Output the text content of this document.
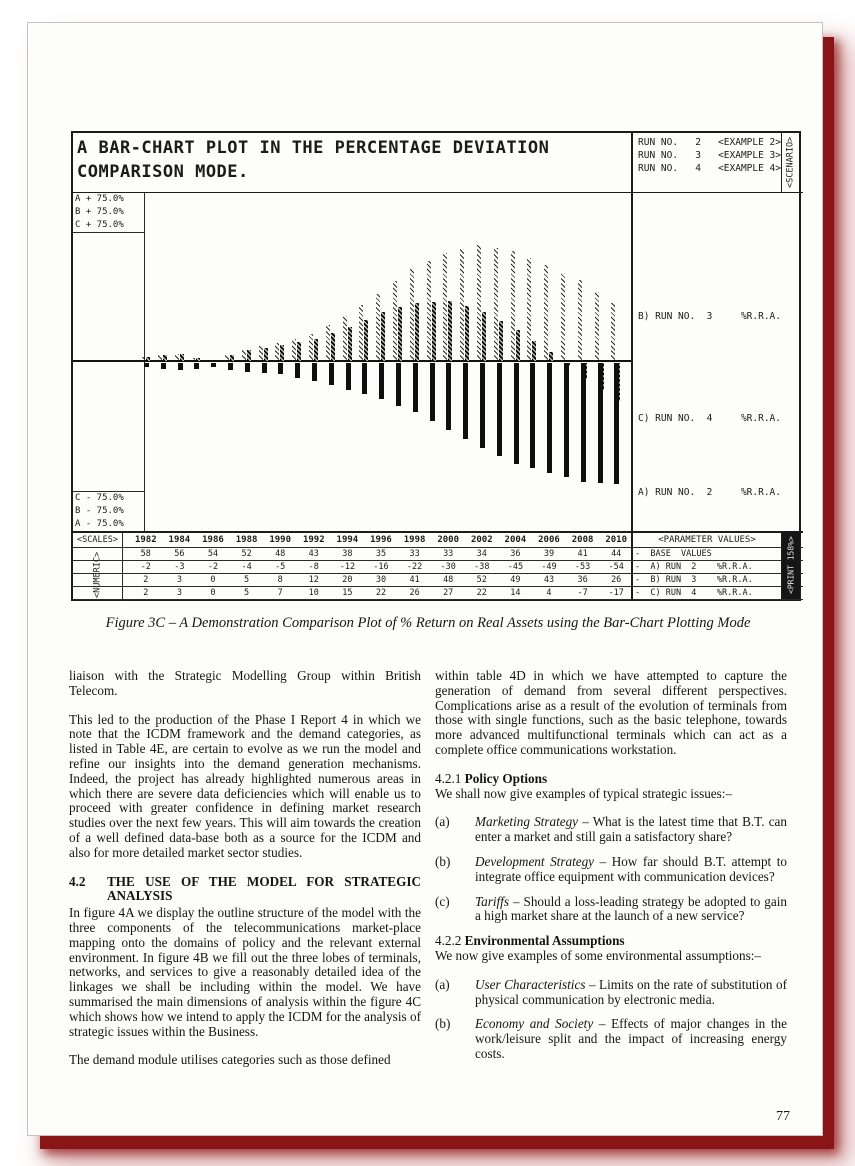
A BAR-CHART PLOT IN THE PERCENTAGE DEVIATION

COMPARISON MODE.
RUN NO.   2   <EXAMPLE 2>

RUN NO.   3   <EXAMPLE 3>

RUN NO.   4   <EXAMPLE 4> <SCENARIO>
A + 75.0%

B + 75.0%

C + 75.0%
C - 75.0%

B - 75.0%

A - 75.0%
B) RUN NO.  3     %R.R.A.
C) RUN NO.  4     %R.R.A.
A) RUN NO.  2     %R.R.A.
<SCALES>	1982	1984	1986	1988	1990	1992	1994	1996	1998	2000	2002	2004	2006	2008	2010	<PARAMETER VALUES>
58	56	54	52	48	43	38	35	33	33	34	36	39	41	44	-  BASE  VALUES
-2	-3	-2	-4	-5	-8	-12	-16	-22	-30	-38	-45	-49	-53	-54	-  A) RUN  2    %R.R.A.
2	3	0	5	8	12	20	30	41	48	52	49	43	36	26	-  B) RUN  3    %R.R.A.
2	3	0	5	7	10	15	22	26	27	22	14	4	-7	-17	-  C) RUN  4    %R.R.A.
<NUMERIC>	<PRINT 158%>
Figure 3C – A Demonstration Comparison Plot of % Return on Real Assets using the Bar-Chart Plotting Mode

liaison with the Strategic Modelling Group within British Telecom.

This led to the production of the Phase I Report 4 in which we note that the ICDM framework and the demand categories, as listed in Table 4E, are certain to evolve as we run the model and refine our insights into the demand generation mechanisms. Indeed, the project has already highlighted numerous areas in which there are severe data deficiencies which will enable us to proceed with greater confidence in defining market research studies over the next few years. This will aim towards the creation of a well defined data-base both as a source for the ICDM and also for more detailed market sector studies.

4.2	THE USE OF THE MODEL FOR STRATEGIC ANALYSIS

In figure 4A we display the outline structure of the model with the three components of the telecommunications market-place mapping onto the domains of policy and the relevant external environment. In figure 4B we fill out the three lobes of terminals, networks, and services to give a reasonably detailed idea of the linkages we shall be including within the model. We have summarised the main dimensions of analysis within the figure 4C which shows how we intend to apply the ICDM for the analysis of strategic issues within the Business.

The demand module utilises categories such as those defined

within table 4D in which we have attempted to capture the generation of demand from several different perspectives. Complications arise as a result of the evolution of terminals from those with single functions, such as the basic telephone, towards more advanced multifunctional terminals which can act as a complete office communications workstation.

4.2.1 Policy Options

We shall now give examples of typical strategic issues:–

(a)	Marketing Strategy – What is the latest time that B.T. can enter a market and still gain a satisfactory share?
(b)	Development Strategy – How far should B.T. attempt to integrate office equipment with communication devices?
(c)	Tariffs – Should a loss-leading strategy be adopted to gain a high market share at the launch of a new service?
4.2.2 Environmental Assumptions

We now give examples of some environmental assumptions:–

(a)	User Characteristics – Limits on the rate of substitution of physical communication by electronic media.
(b)	Economy and Society – Effects of major changes in the work/leisure split and the impact of increasing energy costs.
77
